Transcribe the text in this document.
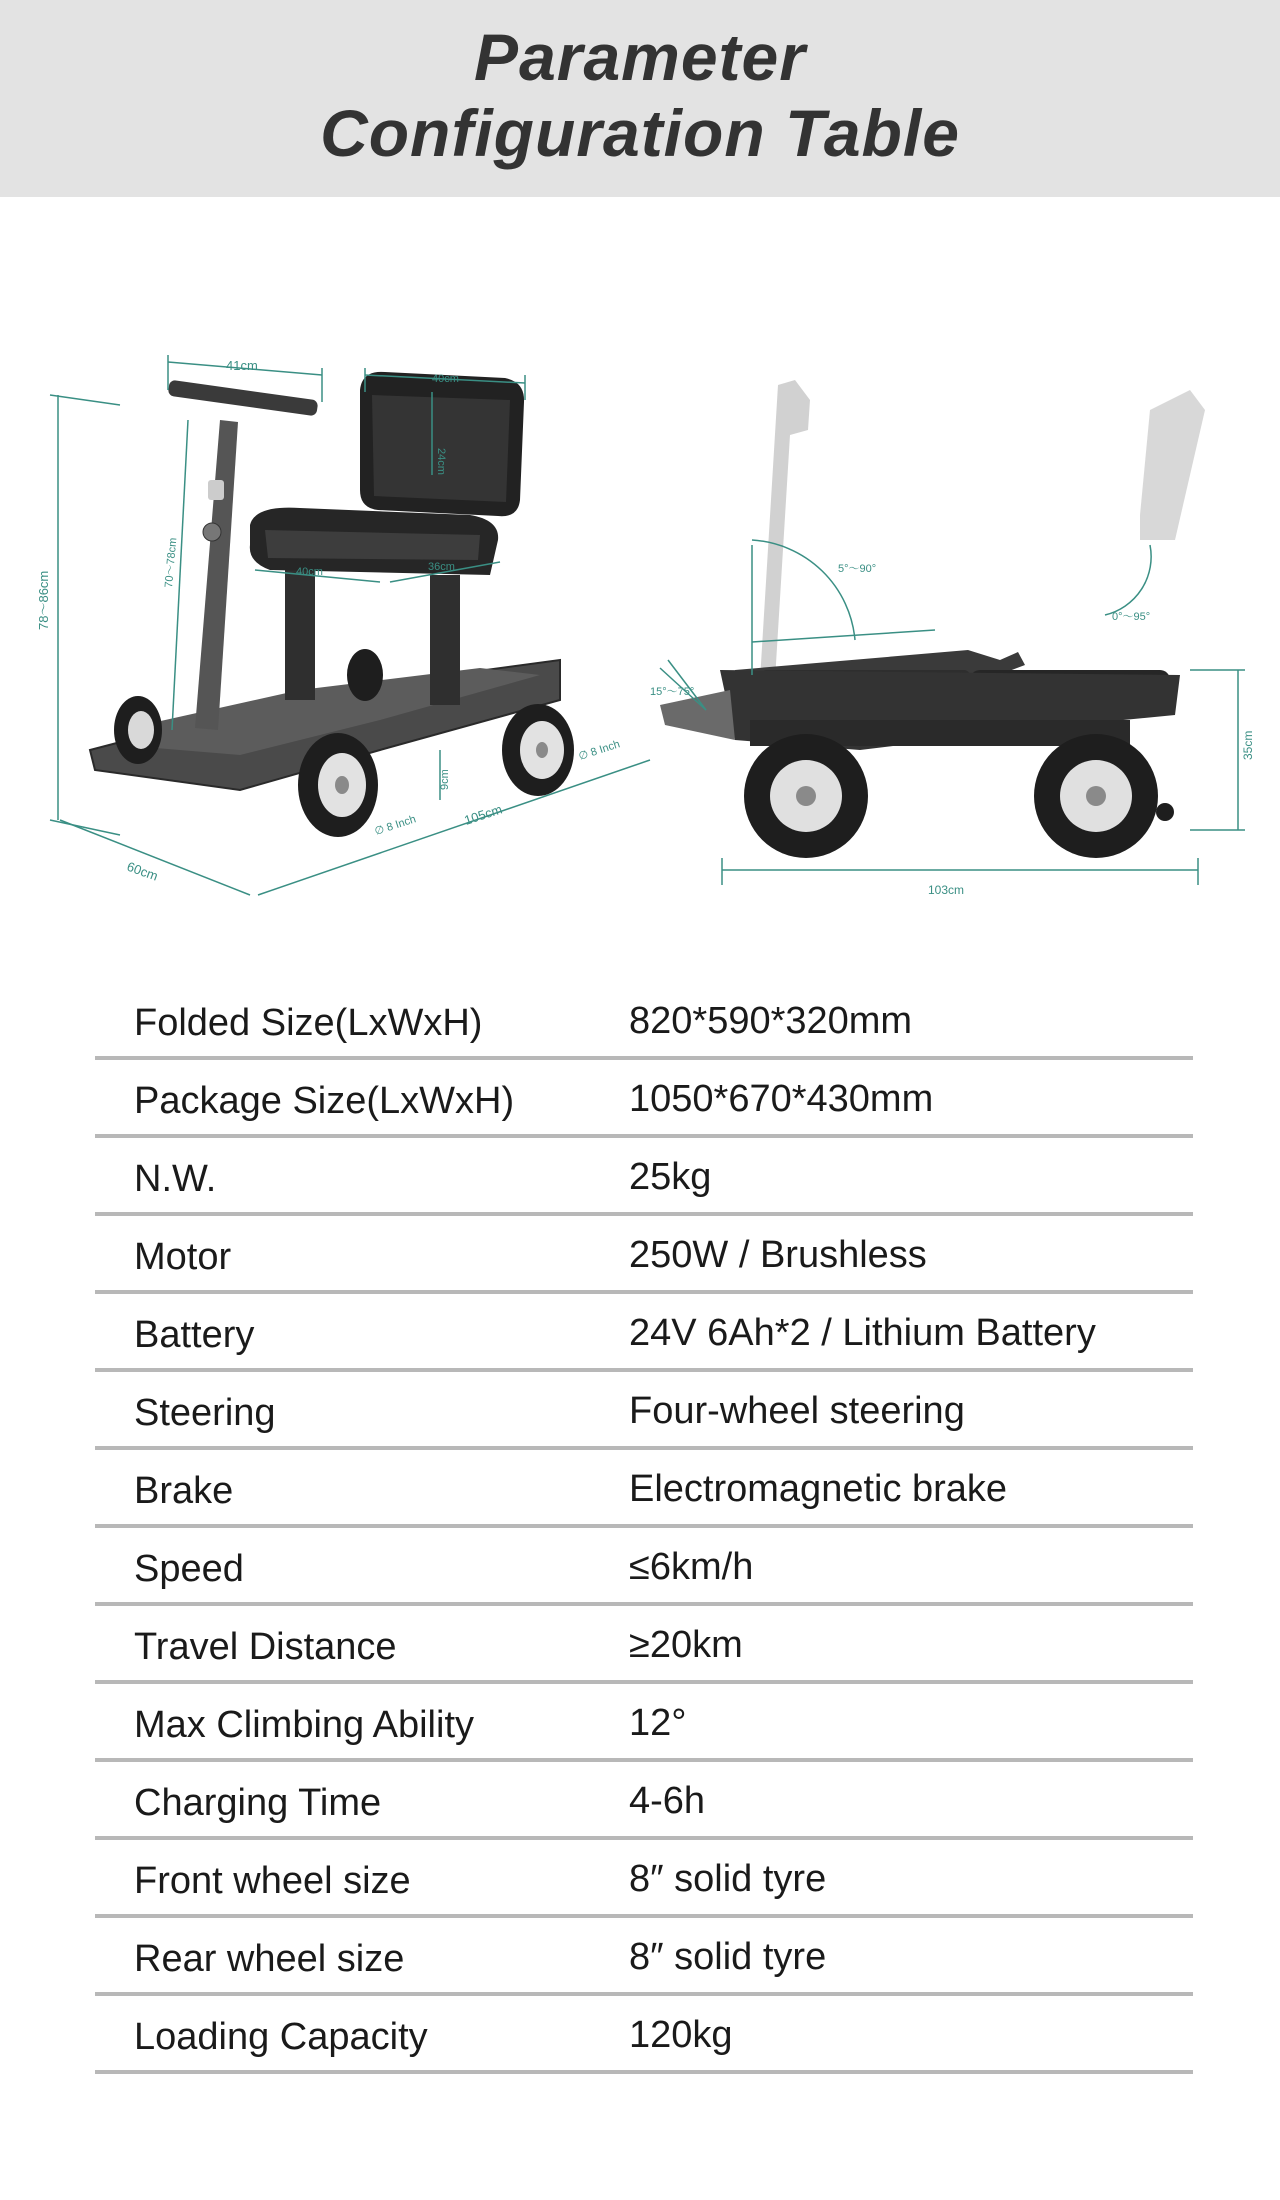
Parameter
Configuration Table
41cm
40cm
24cm
78～86cm
70～78cm	40cm	36cm
9cm
∅ 8 Inch
∅ 8 Inch
105cm
60cm
5°～90°
0°～95°
15°～75°
103cm
35cm
Folded Size(LxWxH)	820*590*320mm
Package Size(LxWxH)	1050*670*430mm
N.W.	25kg
Motor	250W / Brushless
Battery	24V 6Ah*2 / Lithium Battery
Steering	Four-wheel steering
Brake	Electromagnetic brake
Speed	≤6km/h
Travel Distance	≥20km
Max Climbing Ability	12°
Charging Time	4-6h
Front wheel size	8″ solid tyre
Rear wheel size	8″ solid tyre
Loading Capacity	120kg
